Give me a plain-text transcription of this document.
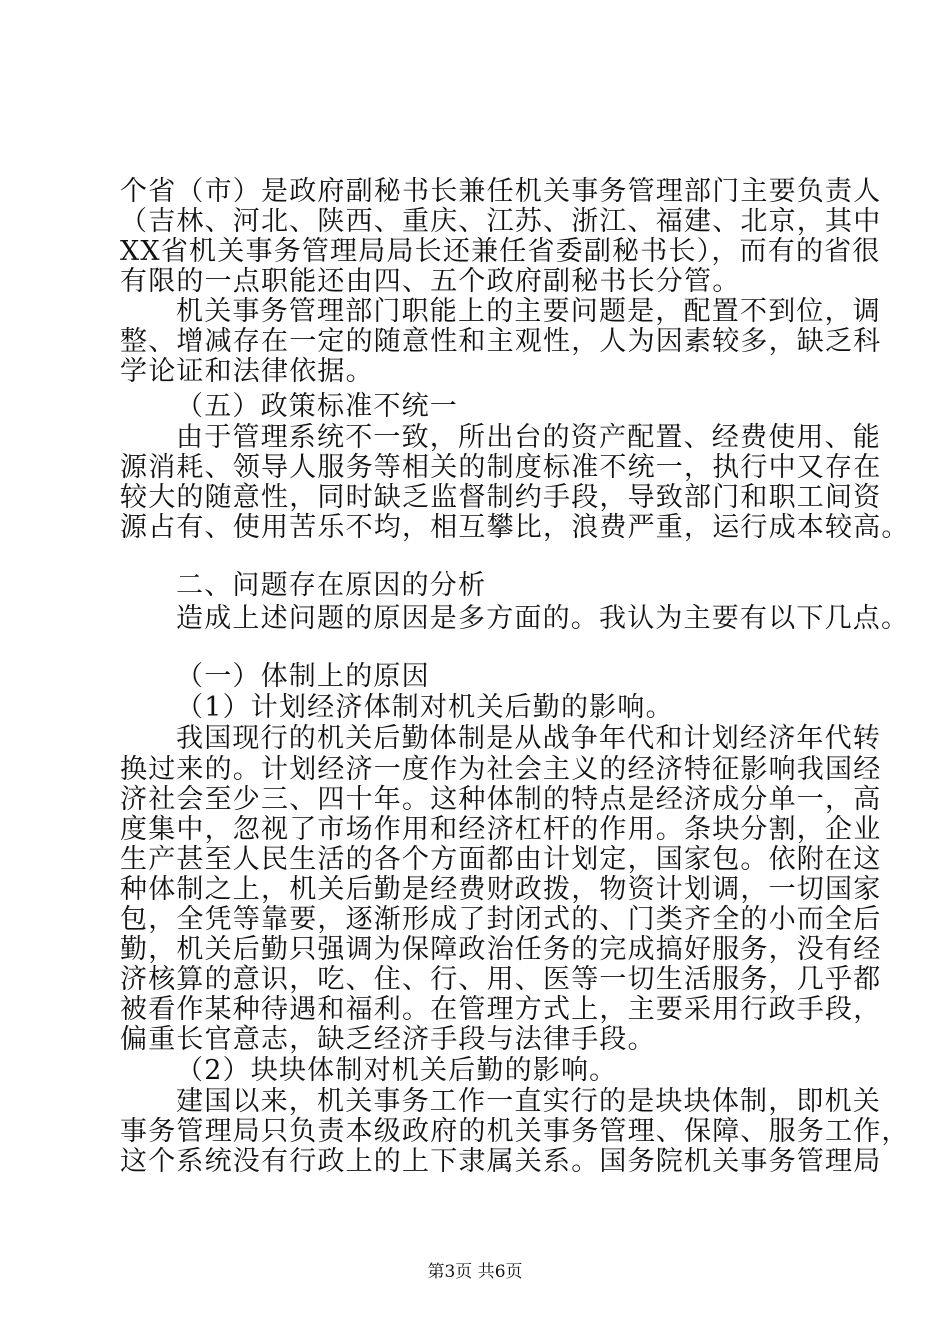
个省（市）是政府副秘书长兼任机关事务管理部门主要负责人

（吉林、河北、陕西、重庆、江苏、浙江、福建、北京，其中

XX省机关事务管理局局长还兼任省委副秘书长），而有的省很

有限的一点职能还由四、五个政府副秘书长分管。

机关事务管理部门职能上的主要问题是，配置不到位，调

整、增减存在一定的随意性和主观性，人为因素较多，缺乏科

学论证和法律依据。

（五）政策标准不统一

由于管理系统不一致，所出台的资产配置、经费使用、能

源消耗、领导人服务等相关的制度标准不统一，执行中又存在

较大的随意性，同时缺乏监督制约手段，导致部门和职工间资

源占有、使用苦乐不均，相互攀比，浪费严重，运行成本较高。

二、问题存在原因的分析

造成上述问题的原因是多方面的。我认为主要有以下几点。

（一）体制上的原因

（1）计划经济体制对机关后勤的影响。

我国现行的机关后勤体制是从战争年代和计划经济年代转

换过来的。计划经济一度作为社会主义的经济特征影响我国经

济社会至少三、四十年。这种体制的特点是经济成分单一，高

度集中，忽视了市场作用和经济杠杆的作用。条块分割，企业

生产甚至人民生活的各个方面都由计划定，国家包。依附在这

种体制之上，机关后勤是经费财政拨，物资计划调，一切国家

包，全凭等靠要，逐渐形成了封闭式的、门类齐全的小而全后

勤，机关后勤只强调为保障政治任务的完成搞好服务，没有经

济核算的意识，吃、住、行、用、医等一切生活服务，几乎都

被看作某种待遇和福利。在管理方式上，主要采用行政手段，

偏重长官意志，缺乏经济手段与法律手段。

（2）块块体制对机关后勤的影响。

建国以来，机关事务工作一直实行的是块块体制，即机关

事务管理局只负责本级政府的机关事务管理、保障、服务工作，

这个系统没有行政上的上下隶属关系。国务院机关事务管理局

第3页 共6页
